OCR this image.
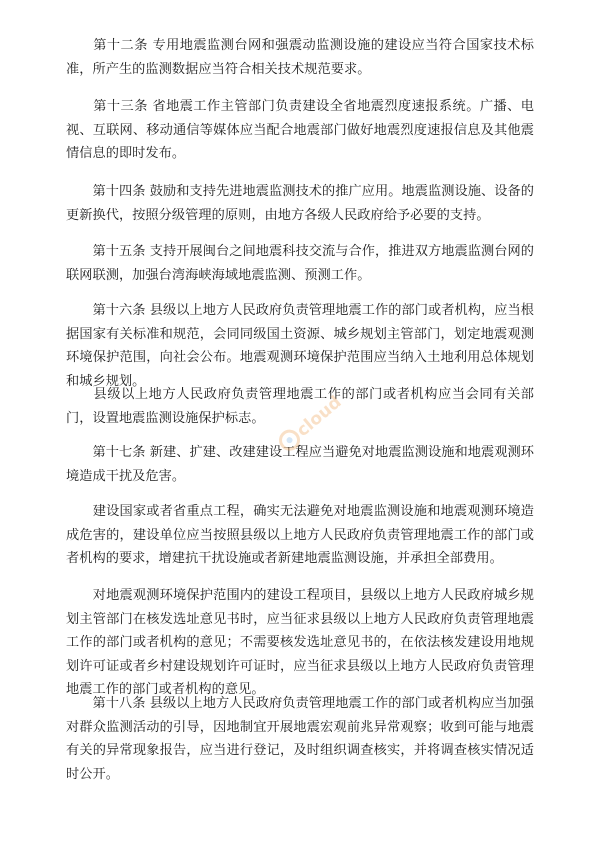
　　第十二条 专用地震监测台网和强震动监测设施的建设应当符合国家技术标准，所产生的监测数据应当符合相关技术规范要求。

　　第十三条 省地震工作主管部门负责建设全省地震烈度速报系统。广播、电视、互联网、移动通信等媒体应当配合地震部门做好地震烈度速报信息及其他震情信息的即时发布。

　　第十四条 鼓励和支持先进地震监测技术的推广应用。地震监测设施、设备的更新换代，按照分级管理的原则，由地方各级人民政府给予必要的支持。

　　第十五条 支持开展闽台之间地震科技交流与合作，推进双方地震监测台网的联网联测，加强台湾海峡海域地震监测、预测工作。

　　第十六条 县级以上地方人民政府负责管理地震工作的部门或者机构，应当根据国家有关标准和规范，会同同级国土资源、城乡规划主管部门，划定地震观测环境保护范围，向社会公布。地震观测环境保护范围应当纳入土地利用总体规划和城乡规划。

　　县级以上地方人民政府负责管理地震工作的部门或者机构应当会同有关部门，设置地震监测设施保护标志。

　　第十七条 新建、扩建、改建建设工程应当避免对地震监测设施和地震观测环境造成干扰及危害。

　　建设国家或者省重点工程，确实无法避免对地震监测设施和地震观测环境造成危害的，建设单位应当按照县级以上地方人民政府负责管理地震工作的部门或者机构的要求，增建抗干扰设施或者新建地震监测设施，并承担全部费用。

　　对地震观测环境保护范围内的建设工程项目，县级以上地方人民政府城乡规划主管部门在核发选址意见书时，应当征求县级以上地方人民政府负责管理地震工作的部门或者机构的意见；不需要核发选址意见书的，在依法核发建设用地规划许可证或者乡村建设规划许可证时，应当征求县级以上地方人民政府负责管理地震工作的部门或者机构的意见。

　　第十八条 县级以上地方人民政府负责管理地震工作的部门或者机构应当加强对群众监测活动的引导，因地制宜开展地震宏观前兆异常观察；收到可能与地震有关的异常现象报告，应当进行登记，及时组织调查核实，并将调查核实情况适时公开。

cloud
